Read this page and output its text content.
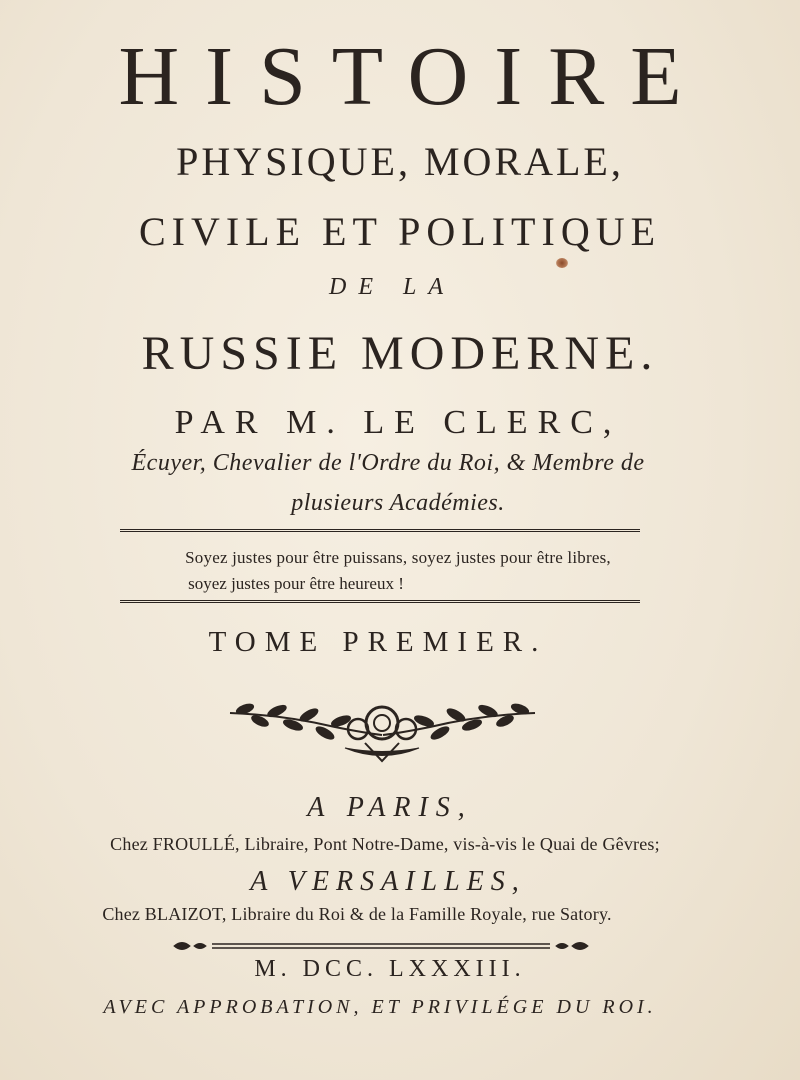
HISTOIRE
PHYSIQUE, MORALE,
CIVILE ET POLITIQUE
DE LA
RUSSIE MODERNE.
PAR M. LE CLERC,
Écuyer, Chevalier de l'Ordre du Roi, & Membre de
plusieurs Académies.
Soyez justes pour être puissans, soyez justes pour être libres,
soyez justes pour être heureux !
TOME PREMIER.
A PARIS,
Chez FROULLÉ, Libraire, Pont Notre-Dame, vis-à-vis le Quai de Gêvres;
A VERSAILLES,
Chez BLAIZOT, Libraire du Roi & de la Famille Royale, rue Satory.
M. DCC. LXXXIII.
AVEC APPROBATION, ET PRIVILÉGE DU ROI.
